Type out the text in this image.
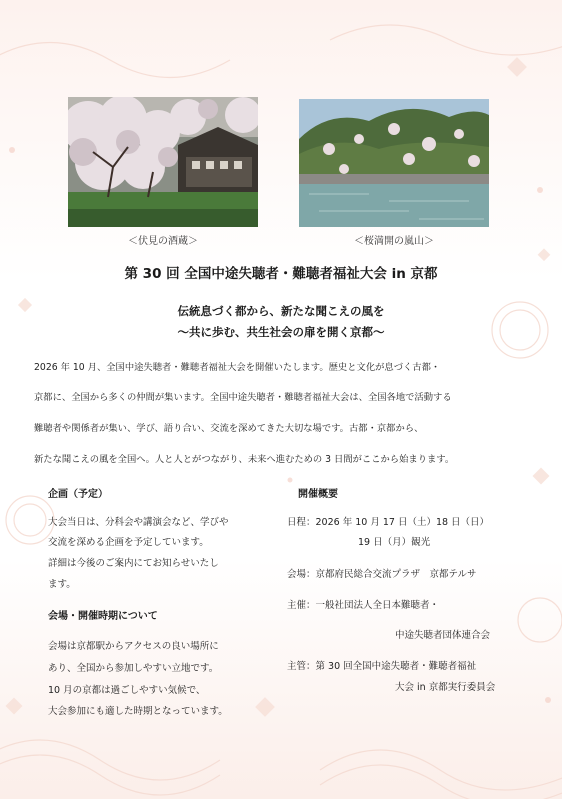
＜伏見の酒蔵＞	＜桜満開の嵐山＞
第 30 回 全国中途失聴者・難聴者福祉大会 in 京都
伝統息づく都から、新たな聞こえの風を
～共に歩む、共生社会の扉を開く京都～
2026 年 10 月、全国中途失聴者・難聴者福祉大会を開催いたします。歴史と文化が息づく古都・
京都に、全国から多くの仲間が集います。全国中途失聴者・難聴者福祉大会は、全国各地で活動する
難聴者や関係者が集い、学び、語り合い、交流を深めてきた大切な場です。古都・京都から、
新たな聞こえの風を全国へ。人と人とがつながり、未来へ進むための 3 日間がここから始まります。
企画（予定）
大会当日は、分科会や講演会など、学びや
交流を深める企画を予定しています。
詳細は今後のご案内にてお知らせいたし
ます。
会場・開催時期について
会場は京都駅からアクセスの良い場所に
あり、全国から参加しやすい立地です。
10 月の京都は過ごしやすい気候で、
大会参加にも適した時期となっています。
開催概要
日程：2026 年 10 月 17 日（土）18 日（日）
19 日（月）観光
会場：京都府民総合交流プラザ　京都テルサ
主催：一般社団法人全日本難聴者・
中途失聴者団体連合会
主管：第 30 回全国中途失聴者・難聴者福祉
大会 in 京都実行委員会
